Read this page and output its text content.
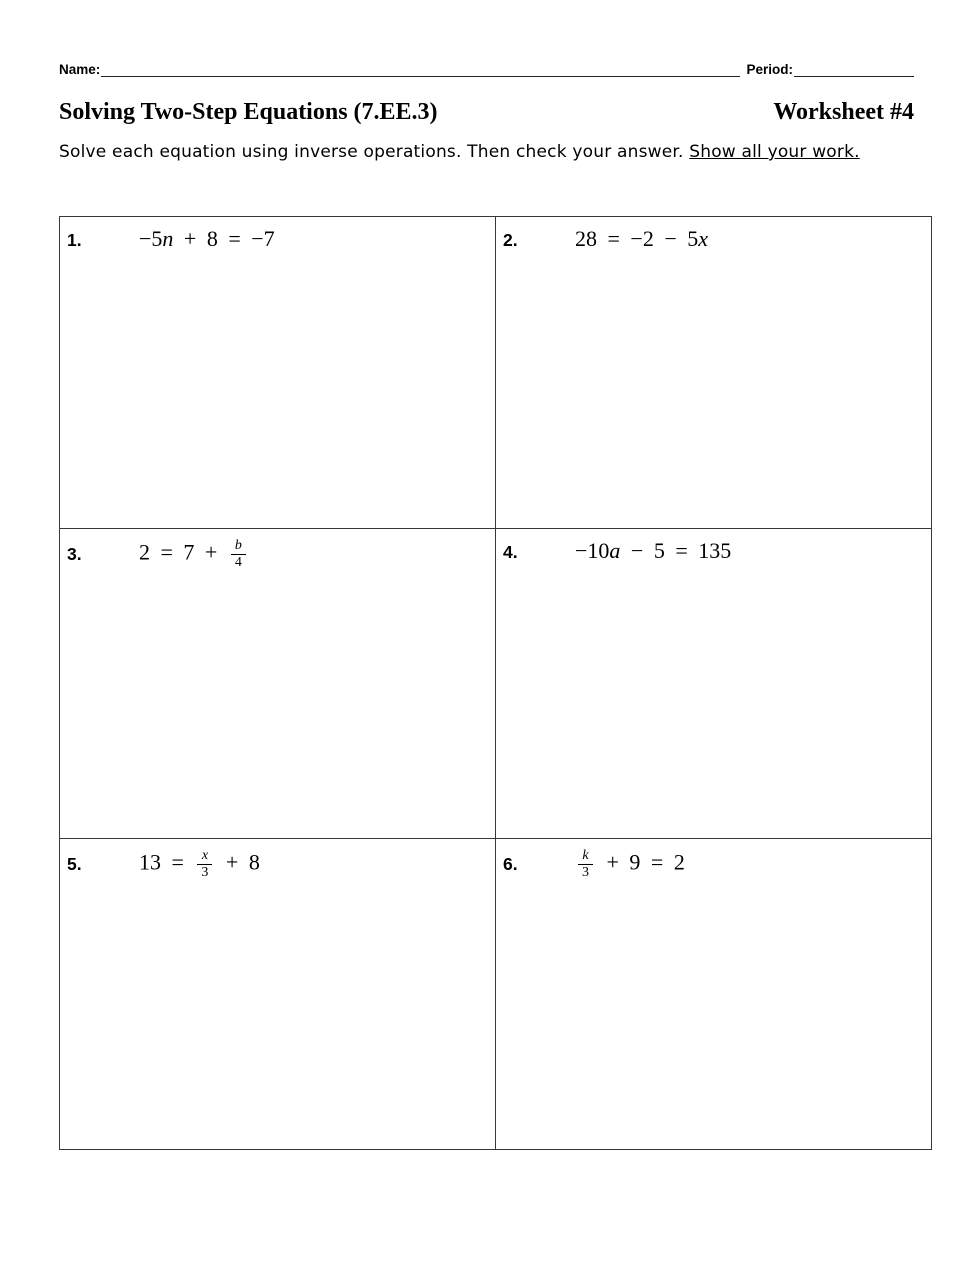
Name:	Period:
Solving Two-Step Equations (7.EE.3)	Worksheet #4

Solve each equation using inverse operations. Then check your answer. Show all your work.

1. −5n + 8 = −7	2. 28 = −2 − 5x

3. $2 = 7 + \frac{b}{4}$	4. −10a − 5 = 135

5. $13 = \frac{x}{3} + 8$	6. $\frac{k}{3} + 9 = 2$
